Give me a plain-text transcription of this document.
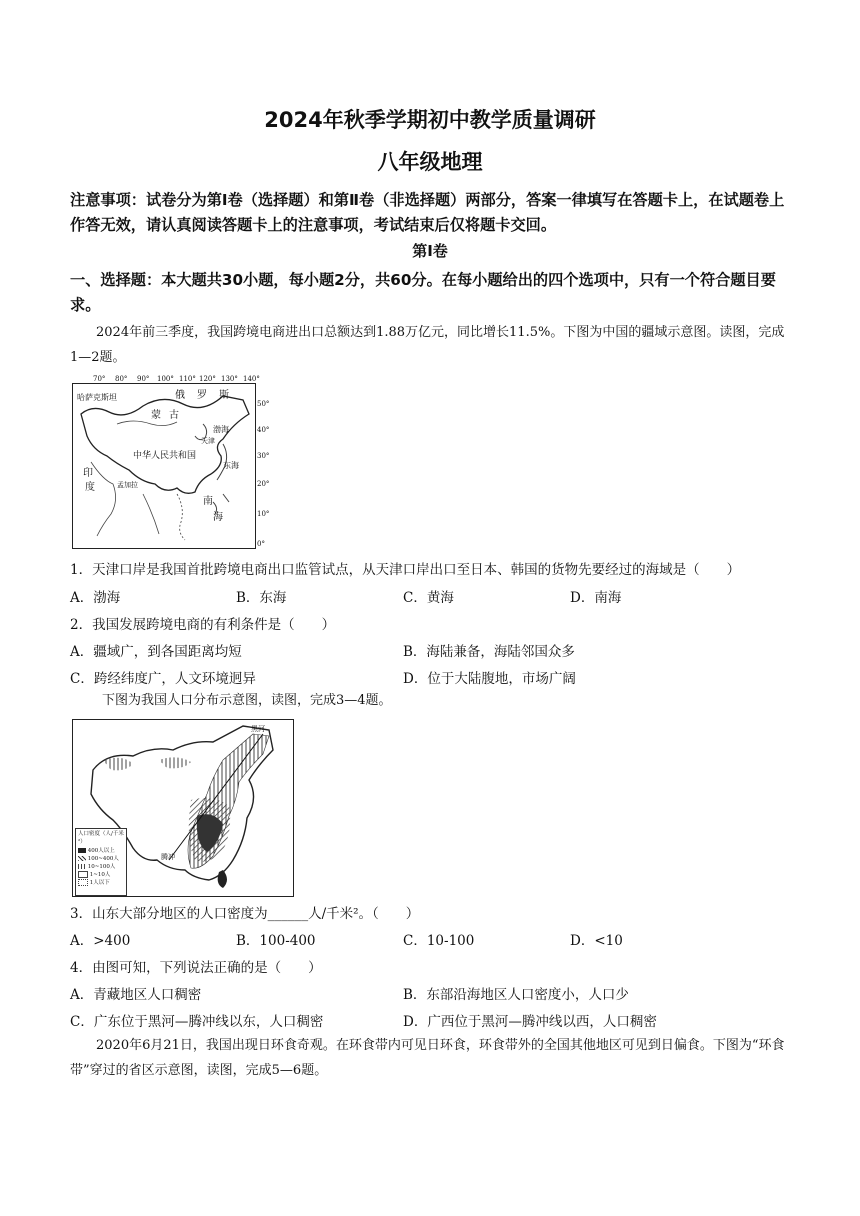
2024年秋季学期初中教学质量调研
八年级地理
注意事项：试卷分为第Ⅰ卷（选择题）和第Ⅱ卷（非选择题）两部分，答案一律填写在答题卡上，在试题卷上作答无效，请认真阅读答题卡上的注意事项，考试结束后仅将题卡交回。
第Ⅰ卷
一、选择题：本大题共30小题，每小题2分，共60分。在每小题给出的四个选项中，只有一个符合题目要求。
2024年前三季度，我国跨境电商进出口总额达到1.88万亿元，同比增长11.5%。下图为中国的疆域示意图。读图，完成1—2题。
70° 80° 90° 100° 110° 120° 130° 140°
50°
40°
30°
20°
10°
0°
俄 罗 斯
哈萨克斯坦
蒙 古
渤海
天津
中华人民共和国
东海
印
度	孟加拉
南
海
1．天津口岸是我国首批跨境电商出口监管试点，从天津口岸出口至日本、韩国的货物先要经过的海域是（　　）
A．渤海	B．东海	C．黄海	D．南海
2．我国发展跨境电商的有利条件是（　　）
A．疆域广，到各国距离均短	B．海陆兼备，海陆邻国众多
C．跨经纬度广，人文环境迥异	D．位于大陆腹地，市场广阔
下图为我国人口分布示意图，读图，完成3—4题。
黑河
腾冲
人口密度（人/千米²）
400人以上
100~400人
10~100人
1~10人
1人以下
3．山东大部分地区的人口密度为______人/千米²。（　　）
A．>400	B．100-400	C．10-100	D．<10
4．由图可知，下列说法正确的是（　　）
A．青藏地区人口稠密	B．东部沿海地区人口密度小，人口少
C．广东位于黑河—腾冲线以东，人口稠密	D．广西位于黑河—腾冲线以西，人口稠密
2020年6月21日，我国出现日环食奇观。在环食带内可见日环食，环食带外的全国其他地区可见到日偏食。下图为“环食带”穿过的省区示意图，读图，完成5—6题。
